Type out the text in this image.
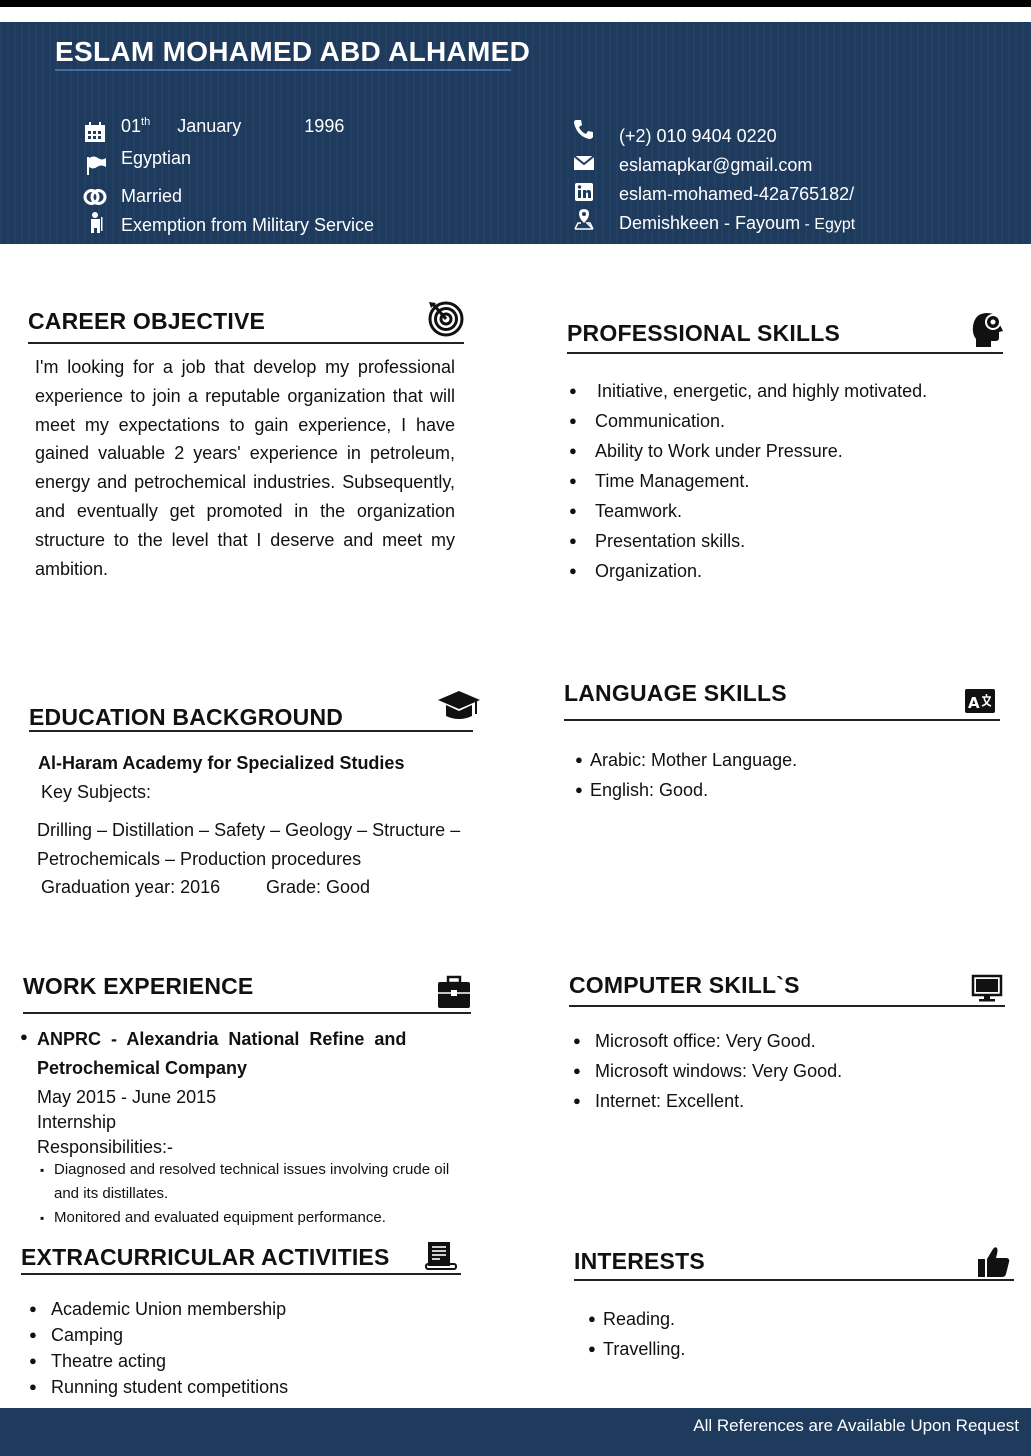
ESLAM MOHAMED ABD ALHAMED
01th January	1996
Egyptian
Married
Exemption from Military Service
(+2) 010 9404 0220
eslamapkar@gmail.com
eslam-mohamed-42a765182/
Demishkeen - Fayoum - Egypt
CAREER OBJECTIVE
I'm looking for a job that develop my professional experience to join a reputable organization that will meet my expectations to gain experience, I have gained valuable 2 years' experience in petroleum, energy and petrochemical industries. Subsequently, and eventually get promoted in the organization structure to the level that I deserve and meet my ambition.
PROFESSIONAL SKILLS
● Initiative, energetic, and highly motivated.
● Communication.
● Ability to Work under Pressure.
● Time Management.
● Teamwork.
● Presentation skills.
● Organization.
EDUCATION BACKGROUND
Al-Haram Academy for Specialized Studies
Key Subjects:
Drilling – Distillation – Safety – Geology – Structure –
Petrochemicals – Production procedures
Graduation year: 2016	Grade: Good
LANGUAGE SKILLS	A
● Arabic: Mother Language.
● English: Good.
WORK EXPERIENCE
● ANPRC  -  Alexandria  National  Refine  and
Petrochemical Company
May 2015 - June 2015
Internship
Responsibilities:-
▪ Diagnosed and resolved technical issues involving crude oil and its distillates.
▪ Monitored and evaluated equipment performance.
COMPUTER SKILL`S
● Microsoft office: Very Good.
● Microsoft windows: Very Good.
● Internet: Excellent.
EXTRACURRICULAR ACTIVITIES
● Academic Union membership
● Camping
● Theatre acting
● Running student competitions
INTERESTS
● Reading.
● Travelling.
All References are Available Upon Request
